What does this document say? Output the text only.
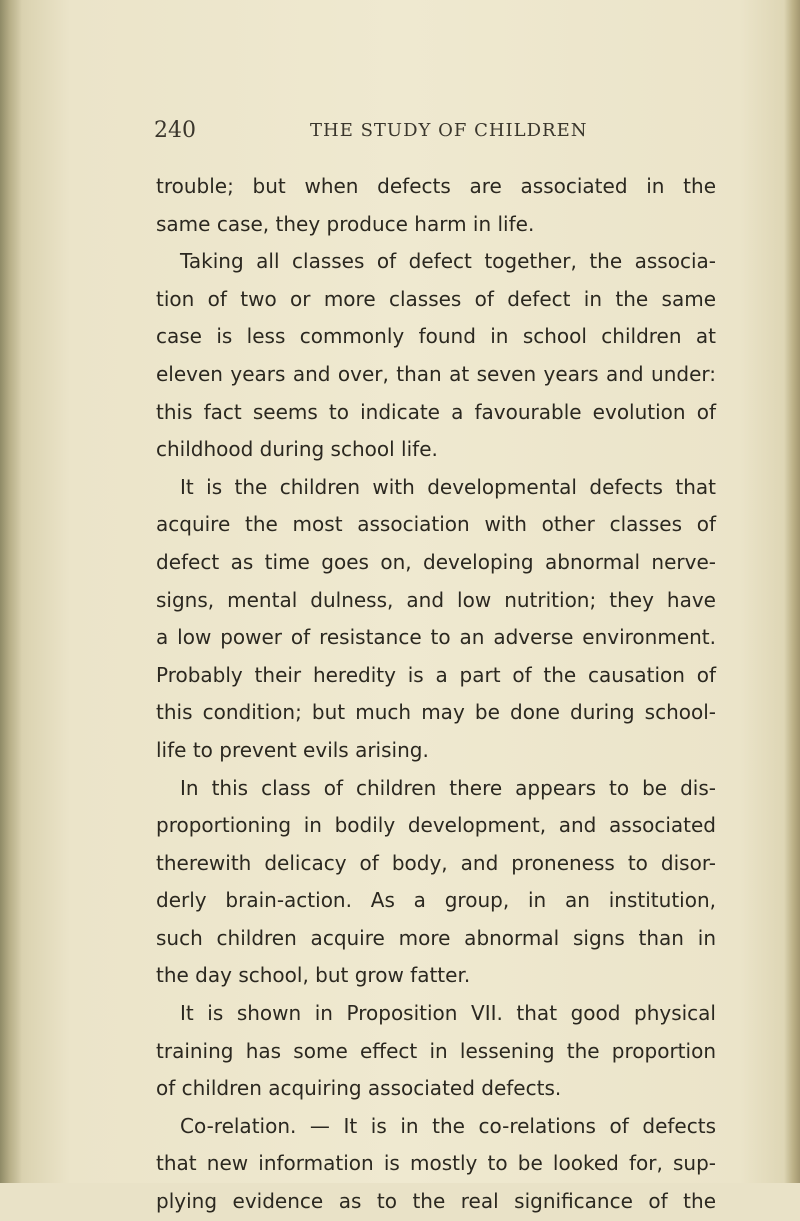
240	THE STUDY OF CHILDREN
trouble; but when defects are associated in the
same case, they produce harm in life.
Taking all classes of defect together, the associa-
tion of two or more classes of defect in the same
case is less commonly found in school children at
eleven years and over, than at seven years and under:
this fact seems to indicate a favourable evolution of
childhood during school life.
It is the children with developmental defects that
acquire the most association with other classes of
defect as time goes on, developing abnormal nerve-
signs, mental dulness, and low nutrition; they have
a low power of resistance to an adverse environment.
Probably their heredity is a part of the causation of
this condition; but much may be done during school-
life to prevent evils arising.
In this class of children there appears to be dis-
proportioning in bodily development, and associated
therewith delicacy of body, and proneness to disor-
derly brain-action. As a group, in an institution,
such children acquire more abnormal signs than in
the day school, but grow fatter.
It is shown in Proposition VII. that good physical
training has some effect in lessening the proportion
of children acquiring associated defects.
Co-relation. — It is in the co-relations of defects
that new information is mostly to be looked for, sup-
plying evidence as to the real significance of the
